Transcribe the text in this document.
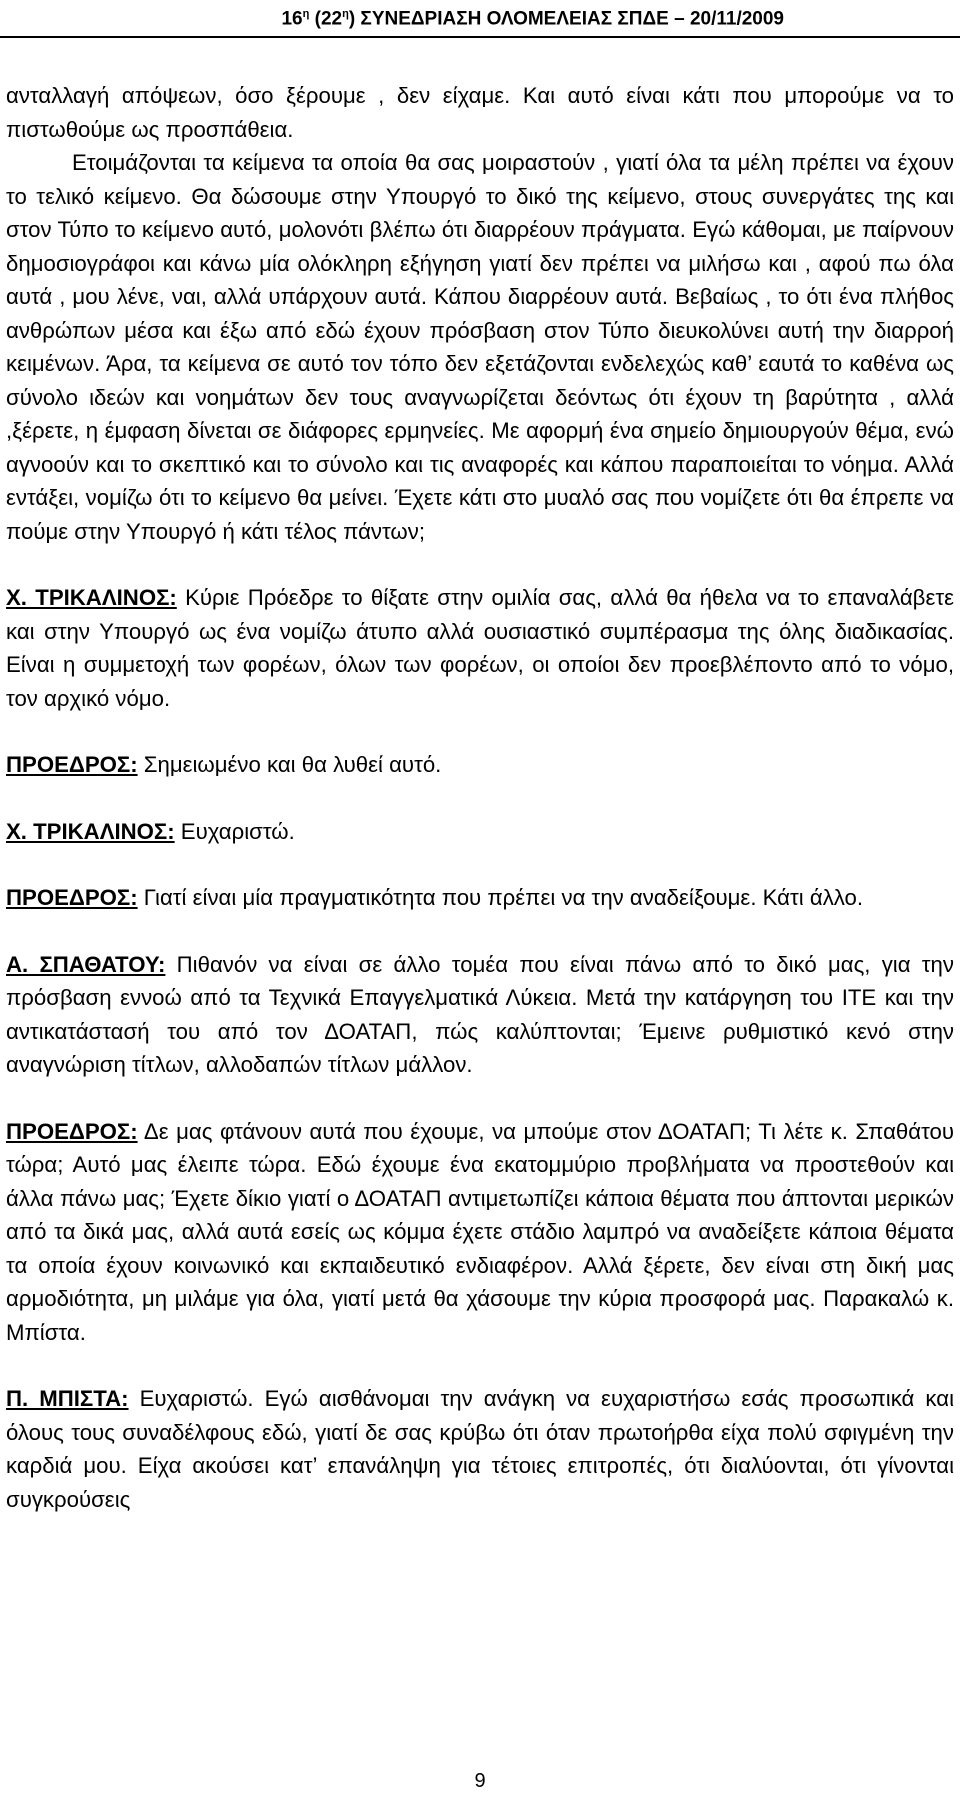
$16^\eta$ $(22^\eta)$ ΣΥΝΕΔΡΙΑΣΗ ΟΛΟΜΕΛΕΙΑΣ ΣΠΔΕ – 20/11/2009

ανταλλαγή απόψεων, όσο ξέρουμε , δεν είχαμε. Και αυτό είναι κάτι που μπορούμε να το πιστωθούμε ως προσπάθεια.

Ετοιμάζονται τα κείμενα τα οποία θα σας μοιραστούν , γιατί όλα τα μέλη πρέπει να έχουν το τελικό κείμενο. Θα δώσουμε στην Υπουργό το δικό της κείμενο, στους συνεργάτες της και στον Τύπο το κείμενο αυτό, μολονότι βλέπω ότι διαρρέουν πράγματα. Εγώ κάθομαι, με παίρνουν δημοσιογράφοι και κάνω μία ολόκληρη εξήγηση γιατί δεν πρέπει να μιλήσω και , αφού πω όλα αυτά , μου λένε, ναι, αλλά υπάρχουν αυτά. Κάπου διαρρέουν αυτά. Βεβαίως , το ότι ένα πλήθος ανθρώπων μέσα και έξω από εδώ έχουν πρόσβαση στον Τύπο διευκολύνει αυτή την διαρροή κειμένων. Άρα, τα κείμενα σε αυτό τον τόπο δεν εξετάζονται ενδελεχώς καθ’ εαυτά το καθένα ως σύνολο ιδεών και νοημάτων δεν τους αναγνωρίζεται δεόντως ότι έχουν τη βαρύτητα , αλλά ,ξέρετε, η έμφαση δίνεται σε διάφορες ερμηνείες. Με αφορμή ένα σημείο δημιουργούν θέμα, ενώ αγνοούν και το σκεπτικό και το σύνολο και τις αναφορές και κάπου παραποιείται το νόημα. Αλλά εντάξει, νομίζω ότι το κείμενο θα μείνει. Έχετε κάτι στο μυαλό σας που νομίζετε ότι θα έπρεπε να πούμε στην Υπουργό ή κάτι τέλος πάντων;

Χ. ΤΡΙΚΑΛΙΝΟΣ: Κύριε Πρόεδρε το θίξατε στην ομιλία σας, αλλά θα ήθελα να το επαναλάβετε και στην Υπουργό ως ένα νομίζω άτυπο αλλά ουσιαστικό συμπέρασμα της όλης διαδικασίας. Είναι η συμμετοχή των φορέων, όλων των φορέων, οι οποίοι δεν προεβλέποντο από το νόμο, τον αρχικό νόμο.

ΠΡΟΕΔΡΟΣ: Σημειωμένο και θα λυθεί αυτό.

Χ. ΤΡΙΚΑΛΙΝΟΣ: Ευχαριστώ.

ΠΡΟΕΔΡΟΣ: Γιατί είναι μία πραγματικότητα που πρέπει να την αναδείξουμε. Κάτι άλλο.

Α. ΣΠΑΘΑΤΟΥ: Πιθανόν να είναι σε άλλο τομέα που είναι πάνω από το δικό μας, για την πρόσβαση εννοώ από τα Τεχνικά Επαγγελματικά Λύκεια. Μετά την κατάργηση του ΙΤΕ και την αντικατάστασή του από τον ΔΟΑΤΑΠ, πώς καλύπτονται; Έμεινε ρυθμιστικό κενό στην αναγνώριση τίτλων, αλλοδαπών τίτλων μάλλον.

ΠΡΟΕΔΡΟΣ: Δε μας φτάνουν αυτά που έχουμε, να μπούμε στον ΔΟΑΤΑΠ; Τι λέτε κ. Σπαθάτου τώρα; Αυτό μας έλειπε τώρα. Εδώ έχουμε ένα εκατομμύριο προβλήματα να προστεθούν και άλλα πάνω μας; Έχετε δίκιο γιατί ο ΔΟΑΤΑΠ αντιμετωπίζει κάποια θέματα που άπτονται μερικών από τα δικά μας, αλλά αυτά εσείς ως κόμμα έχετε στάδιο λαμπρό να αναδείξετε κάποια θέματα τα οποία έχουν κοινωνικό και εκπαιδευτικό ενδιαφέρον. Αλλά ξέρετε, δεν είναι στη δική μας αρμοδιότητα, μη μιλάμε για όλα, γιατί μετά θα χάσουμε την κύρια προσφορά μας. Παρακαλώ κ. Μπίστα.

Π. ΜΠΙΣΤΑ: Ευχαριστώ. Εγώ αισθάνομαι την ανάγκη να ευχαριστήσω εσάς προσωπικά και όλους τους συναδέλφους εδώ, γιατί δε σας κρύβω ότι όταν πρωτοήρθα είχα πολύ σφιγμένη την καρδιά μου. Είχα ακούσει κατ’ επανάληψη για τέτοιες επιτροπές, ότι διαλύονται, ότι γίνονται συγκρούσεις

9
